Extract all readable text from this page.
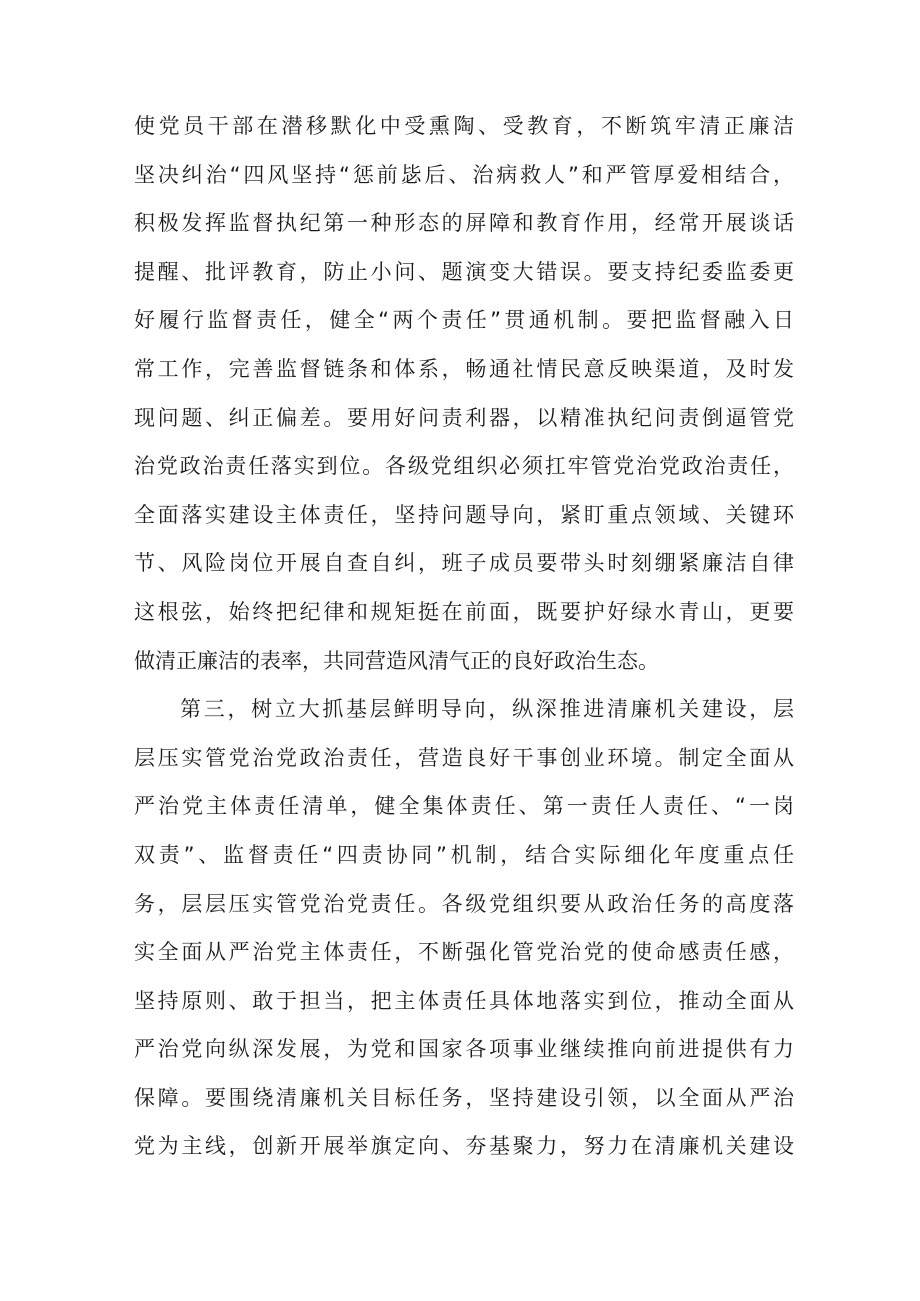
使党员干部在潜移默化中受熏陶、受教育，不断筑牢清正廉洁
坚决纠治“四风坚持“惩前毖后、治病救人”和严管厚爱相结合，
积极发挥监督执纪第一种形态的屏障和教育作用，经常开展谈话
提醒、批评教育，防止小问、题演变大错误。要支持纪委监委更
好履行监督责任，健全“两个责任”贯通机制。要把监督融入日
常工作，完善监督链条和体系，畅通社情民意反映渠道，及时发
现问题、纠正偏差。要用好问责利器，以精准执纪问责倒逼管党
治党政治责任落实到位。各级党组织必须扛牢管党治党政治责任，
全面落实建设主体责任，坚持问题导向，紧盯重点领域、关键环
节、风险岗位开展自查自纠，班子成员要带头时刻绷紧廉洁自律
这根弦，始终把纪律和规矩挺在前面，既要护好绿水青山，更要
做清正廉洁的表率，共同营造风清气正的良好政治生态。
第三，树立大抓基层鲜明导向，纵深推进清廉机关建设，层
层压实管党治党政治责任，营造良好干事创业环境。制定全面从
严治党主体责任清单，健全集体责任、第一责任人责任、“一岗
双责”、监督责任“四责协同”机制，结合实际细化年度重点任
务，层层压实管党治党责任。各级党组织要从政治任务的高度落
实全面从严治党主体责任，不断强化管党治党的使命感责任感，
坚持原则、敢于担当，把主体责任具体地落实到位，推动全面从
严治党向纵深发展，为党和国家各项事业继续推向前进提供有力
保障。要围绕清廉机关目标任务，坚持建设引领，以全面从严治
党为主线，创新开展举旗定向、夯基聚力，努力在清廉机关建设
